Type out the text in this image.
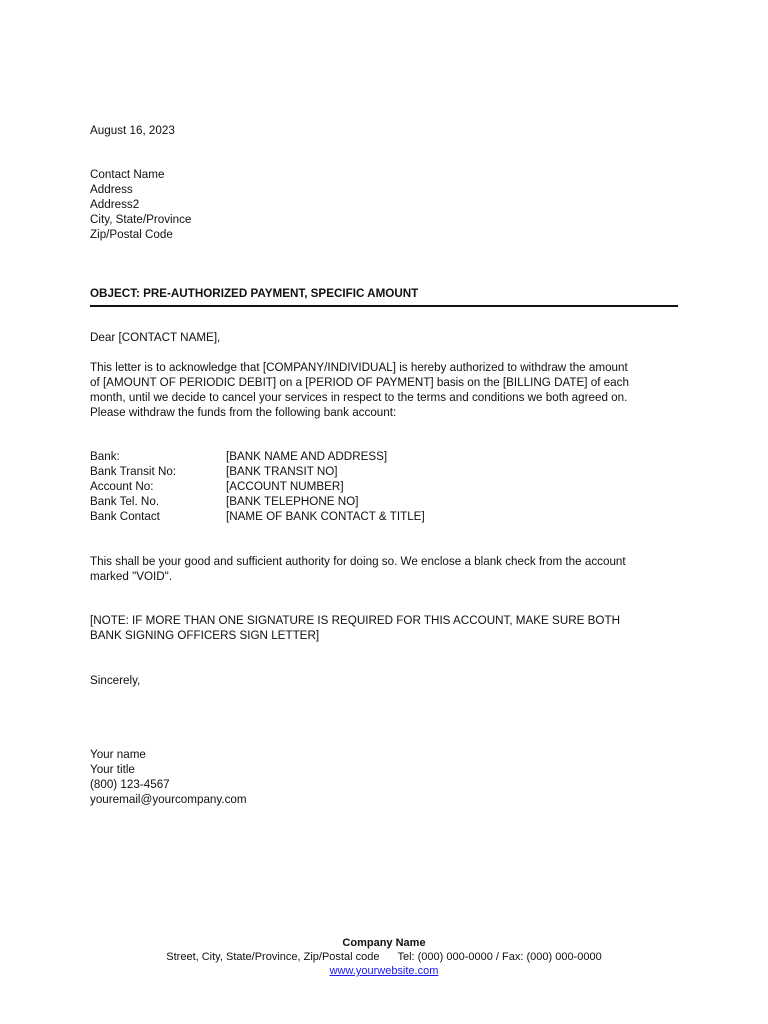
August 16, 2023
Contact Name
Address
Address2
City, State/Province
Zip/Postal Code
OBJECT: PRE-AUTHORIZED PAYMENT, SPECIFIC AMOUNT
Dear [CONTACT NAME],
This letter is to acknowledge that [COMPANY/INDIVIDUAL] is hereby authorized to withdraw the amount
of [AMOUNT OF PERIODIC DEBIT] on a [PERIOD OF PAYMENT] basis on the [BILLING DATE] of each
month, until we decide to cancel your services in respect to the terms and conditions we both agreed on.
Please withdraw the funds from the following bank account:
Bank:	[BANK NAME AND ADDRESS]
Bank Transit No:	[BANK TRANSIT NO]
Account No:	[ACCOUNT NUMBER]
Bank Tel. No.	[BANK TELEPHONE NO]
Bank Contact	[NAME OF BANK CONTACT & TITLE]
This shall be your good and sufficient authority for doing so. We enclose a blank check from the account
marked "VOID".
[NOTE: IF MORE THAN ONE SIGNATURE IS REQUIRED FOR THIS ACCOUNT, MAKE SURE BOTH
BANK SIGNING OFFICERS SIGN LETTER]
Sincerely,
Your name
Your title
(800) 123-4567
youremail@yourcompany.com
Company Name
Street, City, State/Province, Zip/Postal code Tel: (000) 000-0000 / Fax: (000) 000-0000
www.yourwebsite.com
